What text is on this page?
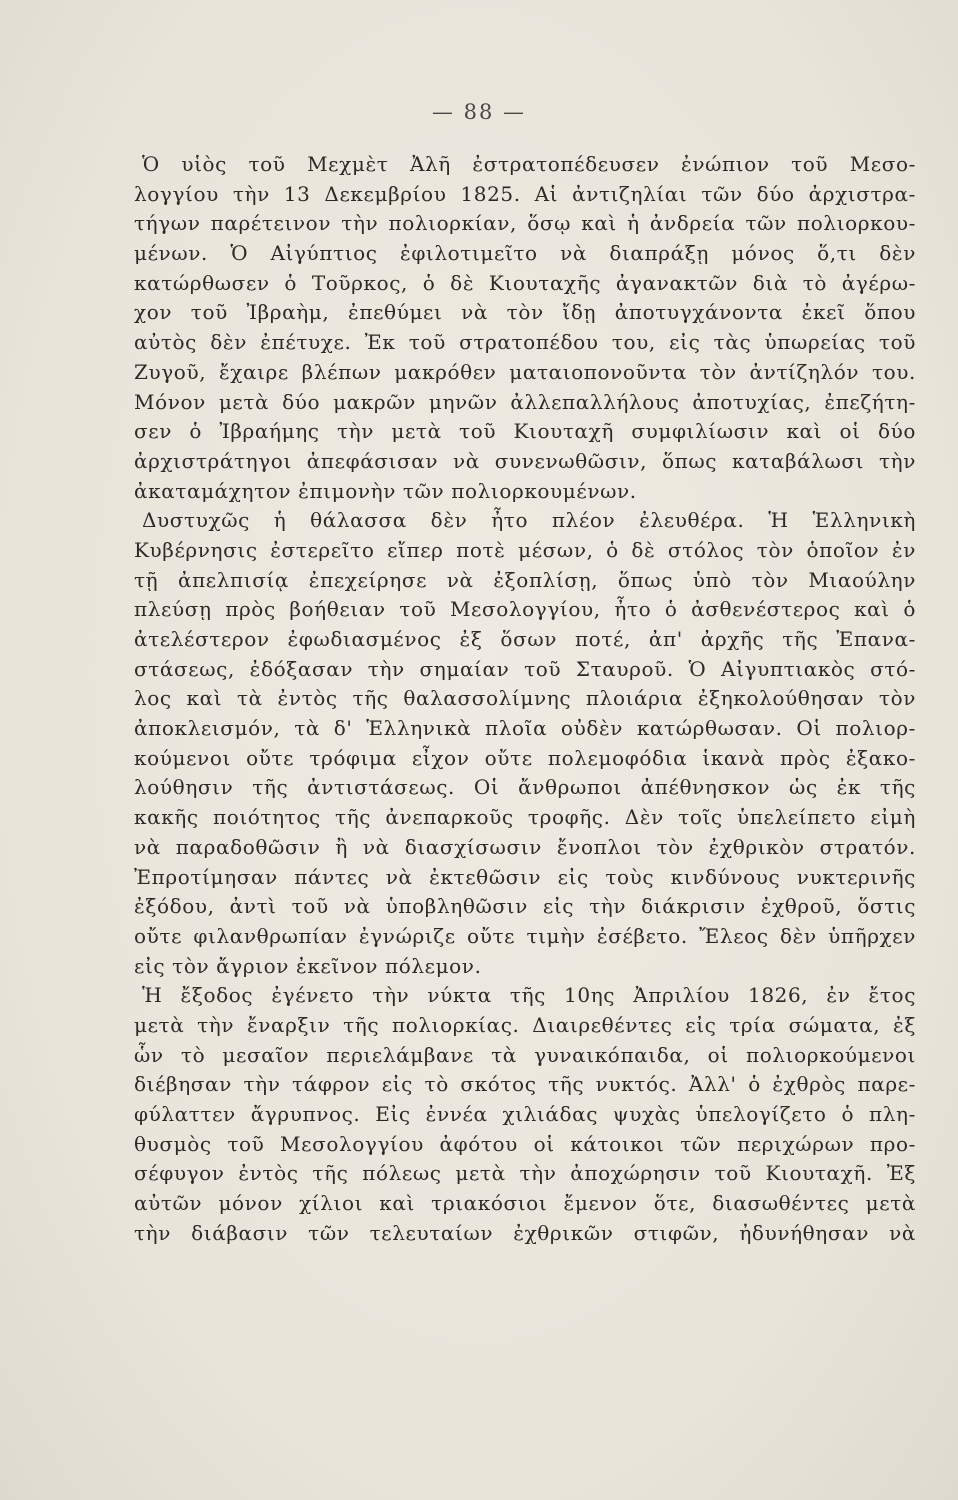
— 88 —
Ὁ υἱὸς τοῦ Μεχμὲτ Ἀλῆ ἐστρατοπέδευσεν ἐνώπιον τοῦ Μεσο-
λογγίου τὴν 13 Δεκεμβρίου 1825. Αἱ ἀντιζηλίαι τῶν δύο ἀρχιστρα-
τήγων παρέτεινον τὴν πολιορκίαν, ὅσῳ καὶ ἡ ἀνδρεία τῶν πολιορκου-
μένων. Ὁ Αἰγύπτιος ἐφιλοτιμεῖτο νὰ διαπράξῃ μόνος ὅ,τι δὲν
κατώρθωσεν ὁ Τοῦρκος, ὁ δὲ Κιουταχῆς ἀγανακτῶν διὰ τὸ ἀγέρω-
χον τοῦ Ἰβραὴμ, ἐπεθύμει νὰ τὸν ἴδῃ ἀποτυγχάνοντα ἐκεῖ ὅπου
αὐτὸς δὲν ἐπέτυχε. Ἐκ τοῦ στρατοπέδου του, εἰς τὰς ὑπωρείας τοῦ
Ζυγοῦ, ἔχαιρε βλέπων μακρόθεν ματαιοπονοῦντα τὸν ἀντίζηλόν του.
Μόνον μετὰ δύο μακρῶν μηνῶν ἀλλεπαλλήλους ἀποτυχίας, ἐπεζήτη-
σεν ὁ Ἰβραήμης τὴν μετὰ τοῦ Κιουταχῆ συμφιλίωσιν καὶ οἱ δύο
ἀρχιστράτηγοι ἀπεφάσισαν νὰ συνενωθῶσιν, ὅπως καταβάλωσι τὴν
ἀκαταμάχητον ἐπιμονὴν τῶν πολιορκουμένων.
Δυστυχῶς ἡ θάλασσα δὲν ἦτο πλέον ἐλευθέρα. Ἡ Ἑλληνικὴ
Κυβέρνησις ἐστερεῖτο εἴπερ ποτὲ μέσων, ὁ δὲ στόλος τὸν ὁποῖον ἐν
τῇ ἀπελπισίᾳ ἐπεχείρησε νὰ ἐξοπλίσῃ, ὅπως ὑπὸ τὸν Μιαούλην
πλεύσῃ πρὸς βοήθειαν τοῦ Μεσολογγίου, ἦτο ὁ ἀσθενέστερος καὶ ὁ
ἀτελέστερον ἐφωδιασμένος ἐξ ὅσων ποτέ, ἀπ' ἀρχῆς τῆς Ἐπανα-
στάσεως, ἐδόξασαν τὴν σημαίαν τοῦ Σταυροῦ. Ὁ Αἰγυπτιακὸς στό-
λος καὶ τὰ ἐντὸς τῆς θαλασσολίμνης πλοιάρια ἐξηκολούθησαν τὸν
ἀποκλεισμόν, τὰ δ' Ἑλληνικὰ πλοῖα οὐδὲν κατώρθωσαν. Οἱ πολιορ-
κούμενοι οὔτε τρόφιμα εἶχον οὔτε πολεμοφόδια ἱκανὰ πρὸς ἐξακο-
λούθησιν τῆς ἀντιστάσεως. Οἱ ἄνθρωποι ἀπέθνησκον ὡς ἐκ τῆς
κακῆς ποιότητος τῆς ἀνεπαρκοῦς τροφῆς. Δὲν τοῖς ὑπελείπετο εἰμὴ
νὰ παραδοθῶσιν ἢ νὰ διασχίσωσιν ἔνοπλοι τὸν ἐχθρικὸν στρατόν.
Ἐπροτίμησαν πάντες νὰ ἐκτεθῶσιν εἰς τοὺς κινδύνους νυκτερινῆς
ἐξόδου, ἀντὶ τοῦ νὰ ὑποβληθῶσιν εἰς τὴν διάκρισιν ἐχθροῦ, ὅστις
οὔτε φιλανθρωπίαν ἐγνώριζε οὔτε τιμὴν ἐσέβετο. Ἔλεος δὲν ὑπῆρχεν
εἰς τὸν ἄγριον ἐκεῖνον πόλεμον.
Ἡ ἔξοδος ἐγένετο τὴν νύκτα τῆς 10ης Ἀπριλίου 1826, ἐν ἔτος
μετὰ τὴν ἔναρξιν τῆς πολιορκίας. Διαιρεθέντες εἰς τρία σώματα, ἐξ
ὧν τὸ μεσαῖον περιελάμβανε τὰ γυναικόπαιδα, οἱ πολιορκούμενοι
διέβησαν τὴν τάφρον εἰς τὸ σκότος τῆς νυκτός. Ἀλλ' ὁ ἐχθρὸς παρε-
φύλαττεν ἄγρυπνος. Εἰς ἐννέα χιλιάδας ψυχὰς ὑπελογίζετο ὁ πλη-
θυσμὸς τοῦ Μεσολογγίου ἀφότου οἱ κάτοικοι τῶν περιχώρων προ-
σέφυγον ἐντὸς τῆς πόλεως μετὰ τὴν ἀποχώρησιν τοῦ Κιουταχῆ. Ἐξ
αὐτῶν μόνον χίλιοι καὶ τριακόσιοι ἔμενον ὅτε, διασωθέντες μετὰ
τὴν διάβασιν τῶν τελευταίων ἐχθρικῶν στιφῶν, ἠδυνήθησαν νὰ
